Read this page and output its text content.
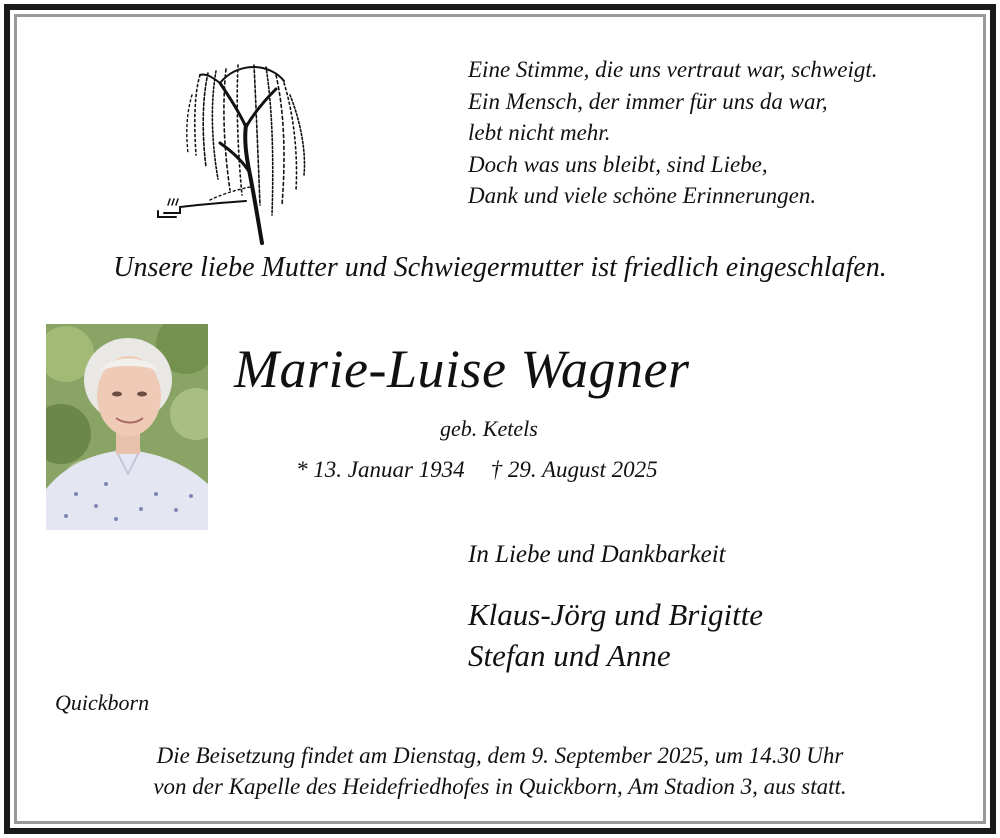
Eine Stimme, die uns vertraut war, schweigt.
Ein Mensch, der immer für uns da war,
lebt nicht mehr.
Doch was uns bleibt, sind Liebe,
Dank und viele schöne Erinnerungen.
Unsere liebe Mutter und Schwiegermutter ist friedlich eingeschlafen.
Marie-Luise Wagner
geb. Ketels
* 13. Januar 1934 † 29. August 2025
In Liebe und Dankbarkeit
Klaus-Jörg und Brigitte
Stefan und Anne
Quickborn
Die Beisetzung findet am Dienstag, dem 9. September 2025, um 14.30 Uhr
von der Kapelle des Heidefriedhofes in Quickborn, Am Stadion 3, aus statt.
